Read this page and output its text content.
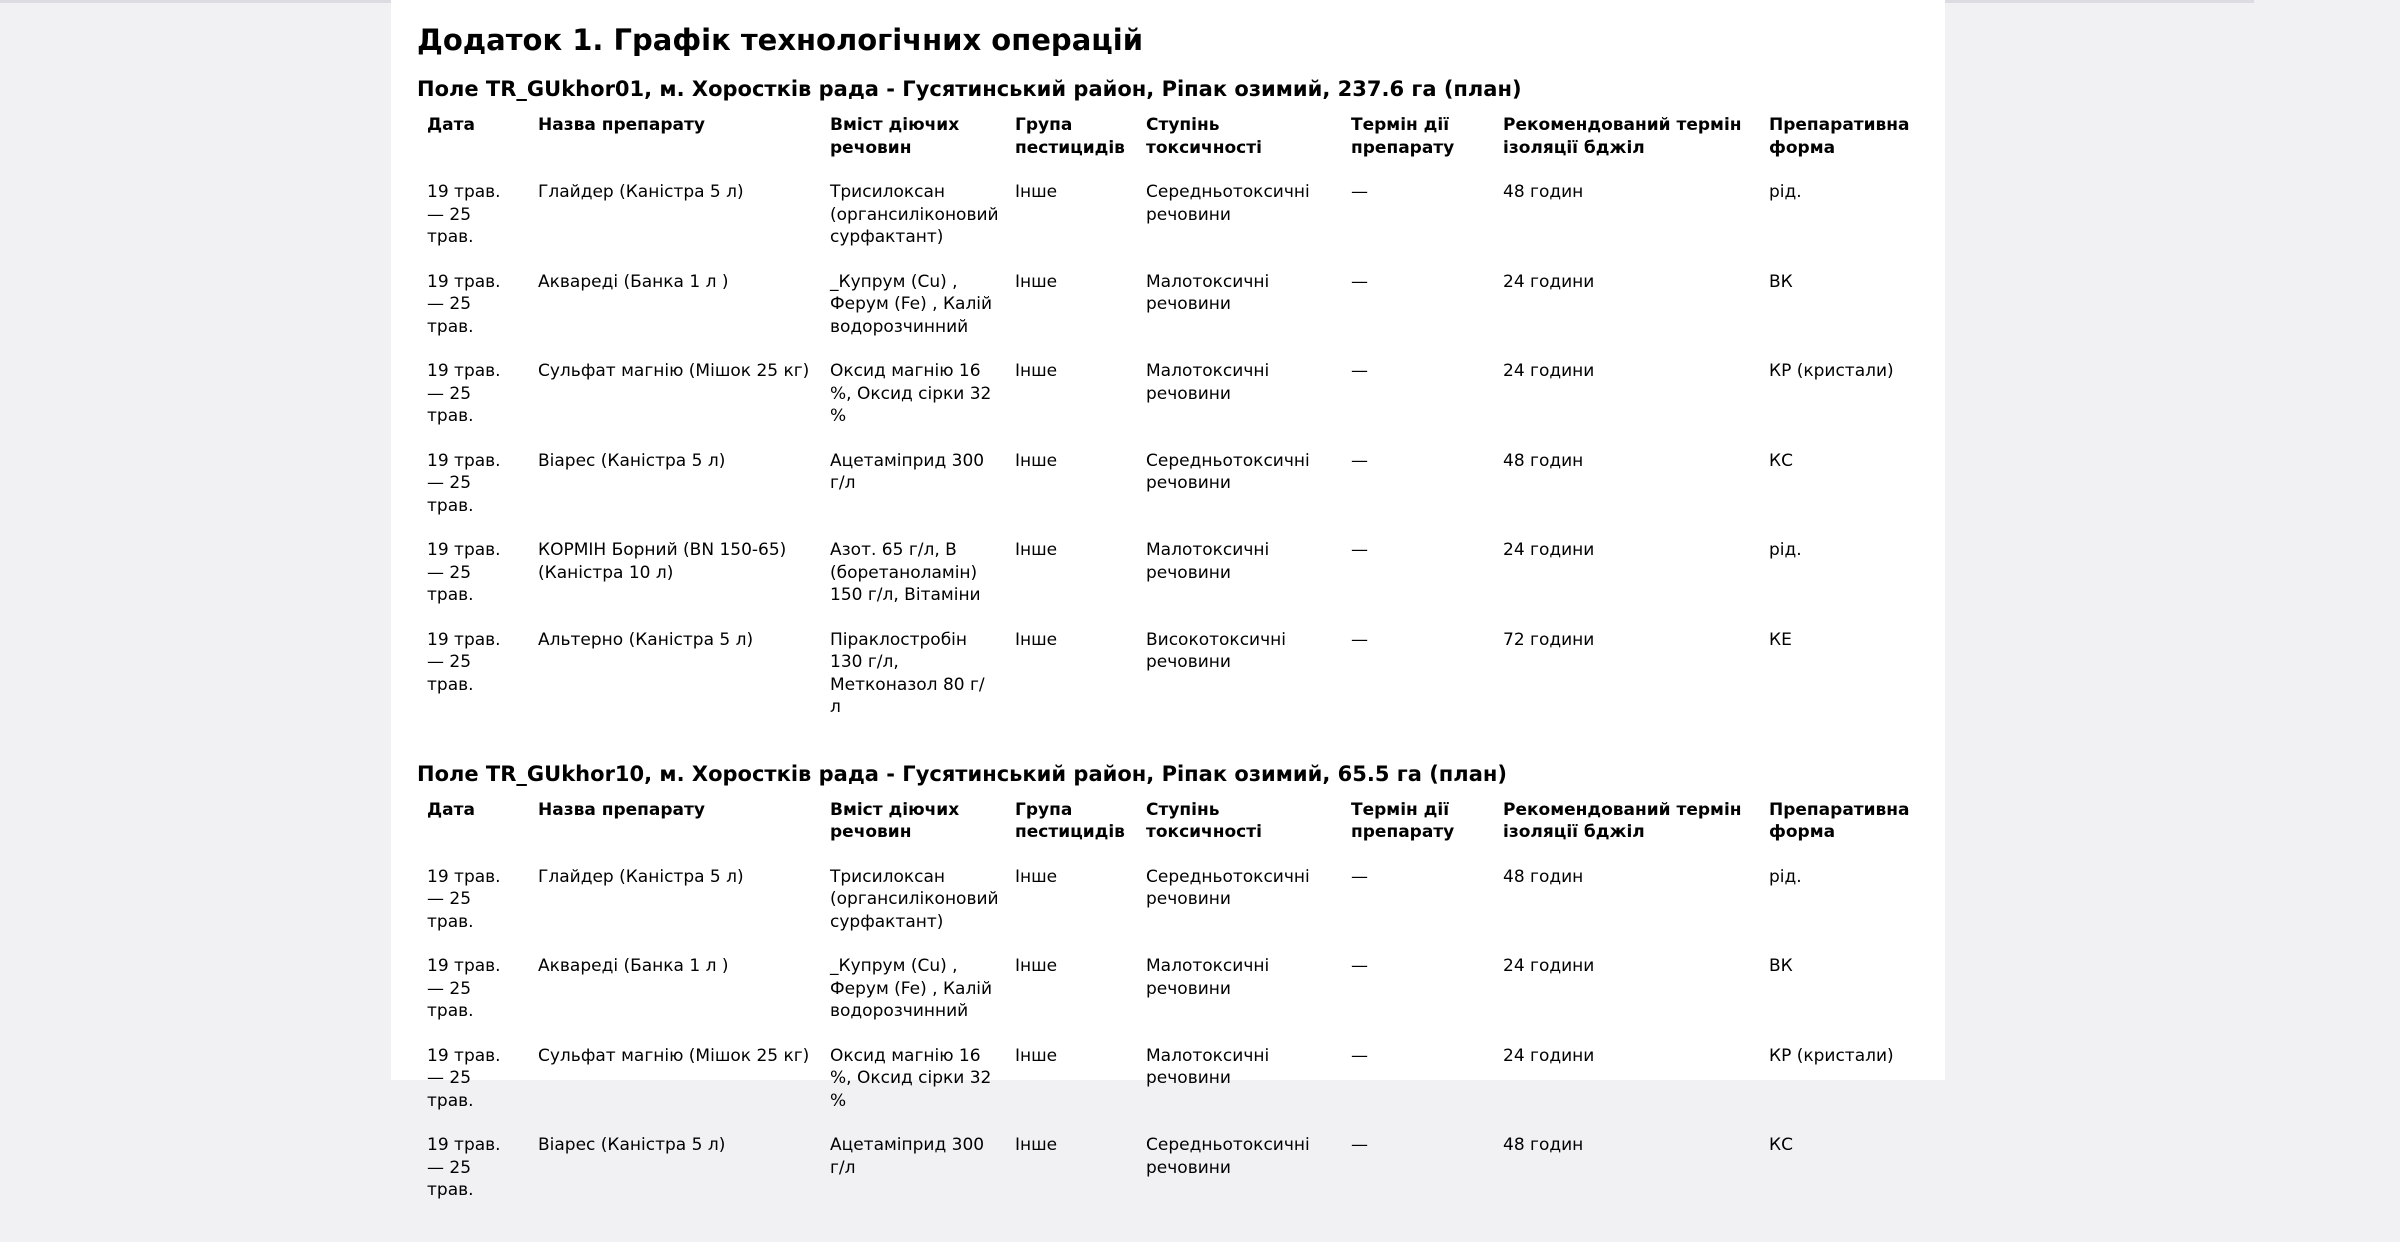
Додаток 1. Графік технологічних операцій
Поле TR_GUkhor01, м. Хоростків рада - Гусятинський район, Ріпак озимий, 237.6 га (план)
Дата	Назва препарату	Вміст діючих речовин	Група пестицидів	Ступінь токсичності	Термін дії препарату	Рекомендований термін ізоляції бджіл	Препаративна форма
19 трав. — 25 трав.	Глайдер (Каністра 5 л)	Трисилоксан (органсиліконовий сурфактант)	Інше	Середньотоксичні речовини	—	48 годин	рід.
19 трав. — 25 трав.	Аквареді (Банка 1 л )	_Купрум (Cu) , Ферум (Fe) , Калій водорозчинний	Інше	Малотоксичні речовини	—	24 години	ВК
19 трав. — 25 трав.	Сульфат магнію (Мішок 25 кг)	Оксид магнію 16 %, Оксид сірки 32 %	Інше	Малотоксичні речовини	—	24 години	КР (кристали)
19 трав. — 25 трав.	Віарес (Каністра 5 л)	Ацетаміприд 300 г/л	Інше	Середньотоксичні речовини	—	48 годин	КС
19 трав. — 25 трав.	КОРМІН Борний (BN 150-65) (Каністра 10 л)	Азот. 65 г/л, B (боретаноламін) 150 г/л, Вітаміни	Інше	Малотоксичні речовини	—	24 години	рід.
19 трав. — 25 трав.	Альтерно (Каністра 5 л)	Піраклостробін 130 г/л, Метконазол 80 г/л	Інше	Високотоксичні речовини	—	72 години	КЕ
Поле TR_GUkhor10, м. Хоростків рада - Гусятинський район, Ріпак озимий, 65.5 га (план)
Дата	Назва препарату	Вміст діючих речовин	Група пестицидів	Ступінь токсичності	Термін дії препарату	Рекомендований термін ізоляції бджіл	Препаративна форма
19 трав. — 25 трав.	Глайдер (Каністра 5 л)	Трисилоксан (органсиліконовий сурфактант)	Інше	Середньотоксичні речовини	—	48 годин	рід.
19 трав. — 25 трав.	Аквареді (Банка 1 л )	_Купрум (Cu) , Ферум (Fe) , Калій водорозчинний	Інше	Малотоксичні речовини	—	24 години	ВК
19 трав. — 25 трав.	Сульфат магнію (Мішок 25 кг)	Оксид магнію 16 %, Оксид сірки 32 %	Інше	Малотоксичні речовини	—	24 години	КР (кристали)
19 трав. — 25 трав.	Віарес (Каністра 5 л)	Ацетаміприд 300 г/л	Інше	Середньотоксичні речовини	—	48 годин	КС
